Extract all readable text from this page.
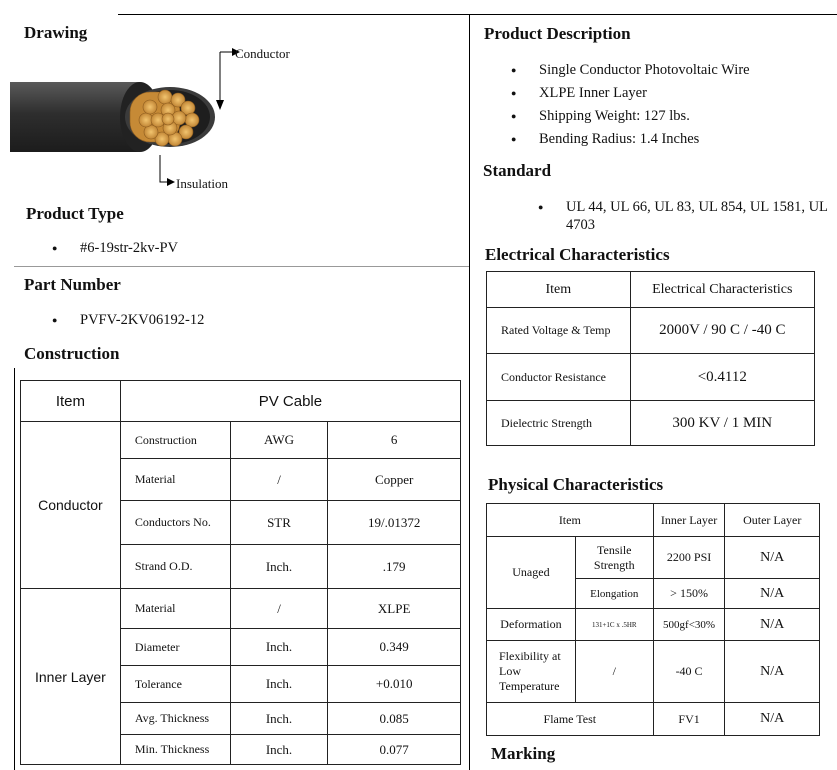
Drawing
Conductor
Insulation
Product Type
● #6-19str-2kv-PV
Part Number
● PVFV-2KV06192-12
Construction
Item	PV Cable		
Conductor	Construction	AWG	6
	Material	/	Copper
	Conductors No.	STR	19/.01372
	Strand O.D.	Inch.	.179
Inner Layer	Material	/	XLPE
	Diameter	Inch.	0.349
	Tolerance	Inch.	+0.010
	Avg. Thickness	Inch.	0.085
	Min. Thickness	Inch.	0.077
Product Description
● Single Conductor Photovoltaic Wire
● XLPE Inner Layer
● Shipping Weight: 127 lbs.
● Bending Radius: 1.4 Inches
Standard
● UL 44, UL 66, UL 83, UL 854, UL 1581, UL 4703
Electrical Characteristics
Item	Electrical Characteristics
Rated Voltage & Temp	2000V / 90 C / -40 C
Conductor Resistance	<0.4112
Dielectric Strength	300 KV / 1 MIN
Physical Characteristics
Item		Inner Layer	Outer Layer
Unaged	Tensile Strength	2200 PSI	N/A
	Elongation	> 150%	N/A
Deformation	131+1C x .5HR	500gf<30%	N/A
Flexibility at Low Temperature	/	-40 C	N/A
Flame Test		FV1	N/A
Marking
